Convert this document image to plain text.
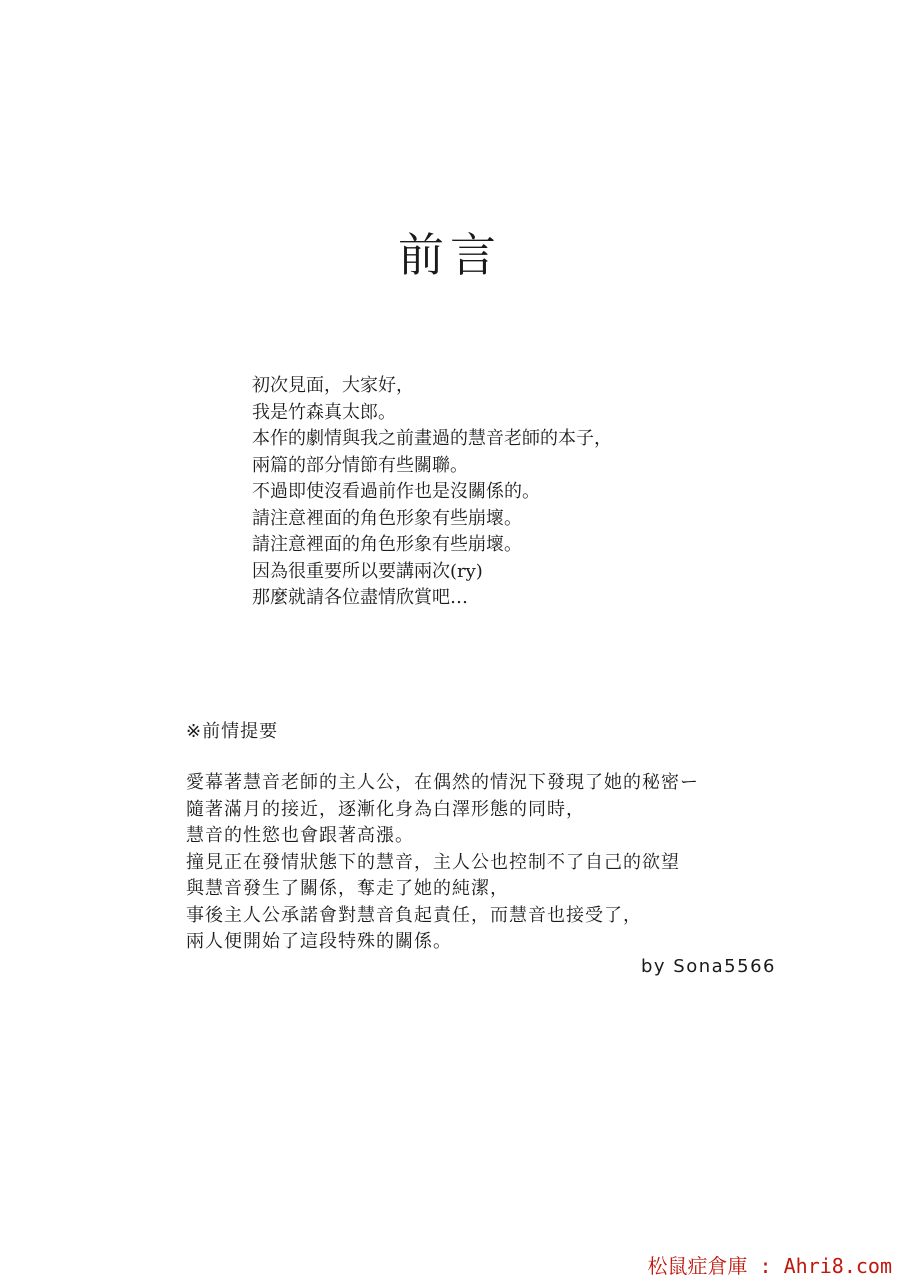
前言
初次見面，大家好，
我是竹森真太郎。
本作的劇情與我之前畫過的慧音老師的本子，
兩篇的部分情節有些關聯。
不過即使沒看過前作也是沒關係的。
請注意裡面的角色形象有些崩壞。
請注意裡面的角色形象有些崩壞。
因為很重要所以要講兩次(ry)
那麼就請各位盡情欣賞吧…
※前情提要
愛幕著慧音老師的主人公，在偶然的情況下發現了她的秘密ー
隨著滿月的接近，逐漸化身為白澤形態的同時，
慧音的性慾也會跟著高漲。
撞見正在發情狀態下的慧音，主人公也控制不了自己的欲望
與慧音發生了關係，奪走了她的純潔，
事後主人公承諾會對慧音負起責任，而慧音也接受了，
兩人便開始了這段特殊的關係。

by Sona5566

松鼠症倉庫 : Ahri8.com
